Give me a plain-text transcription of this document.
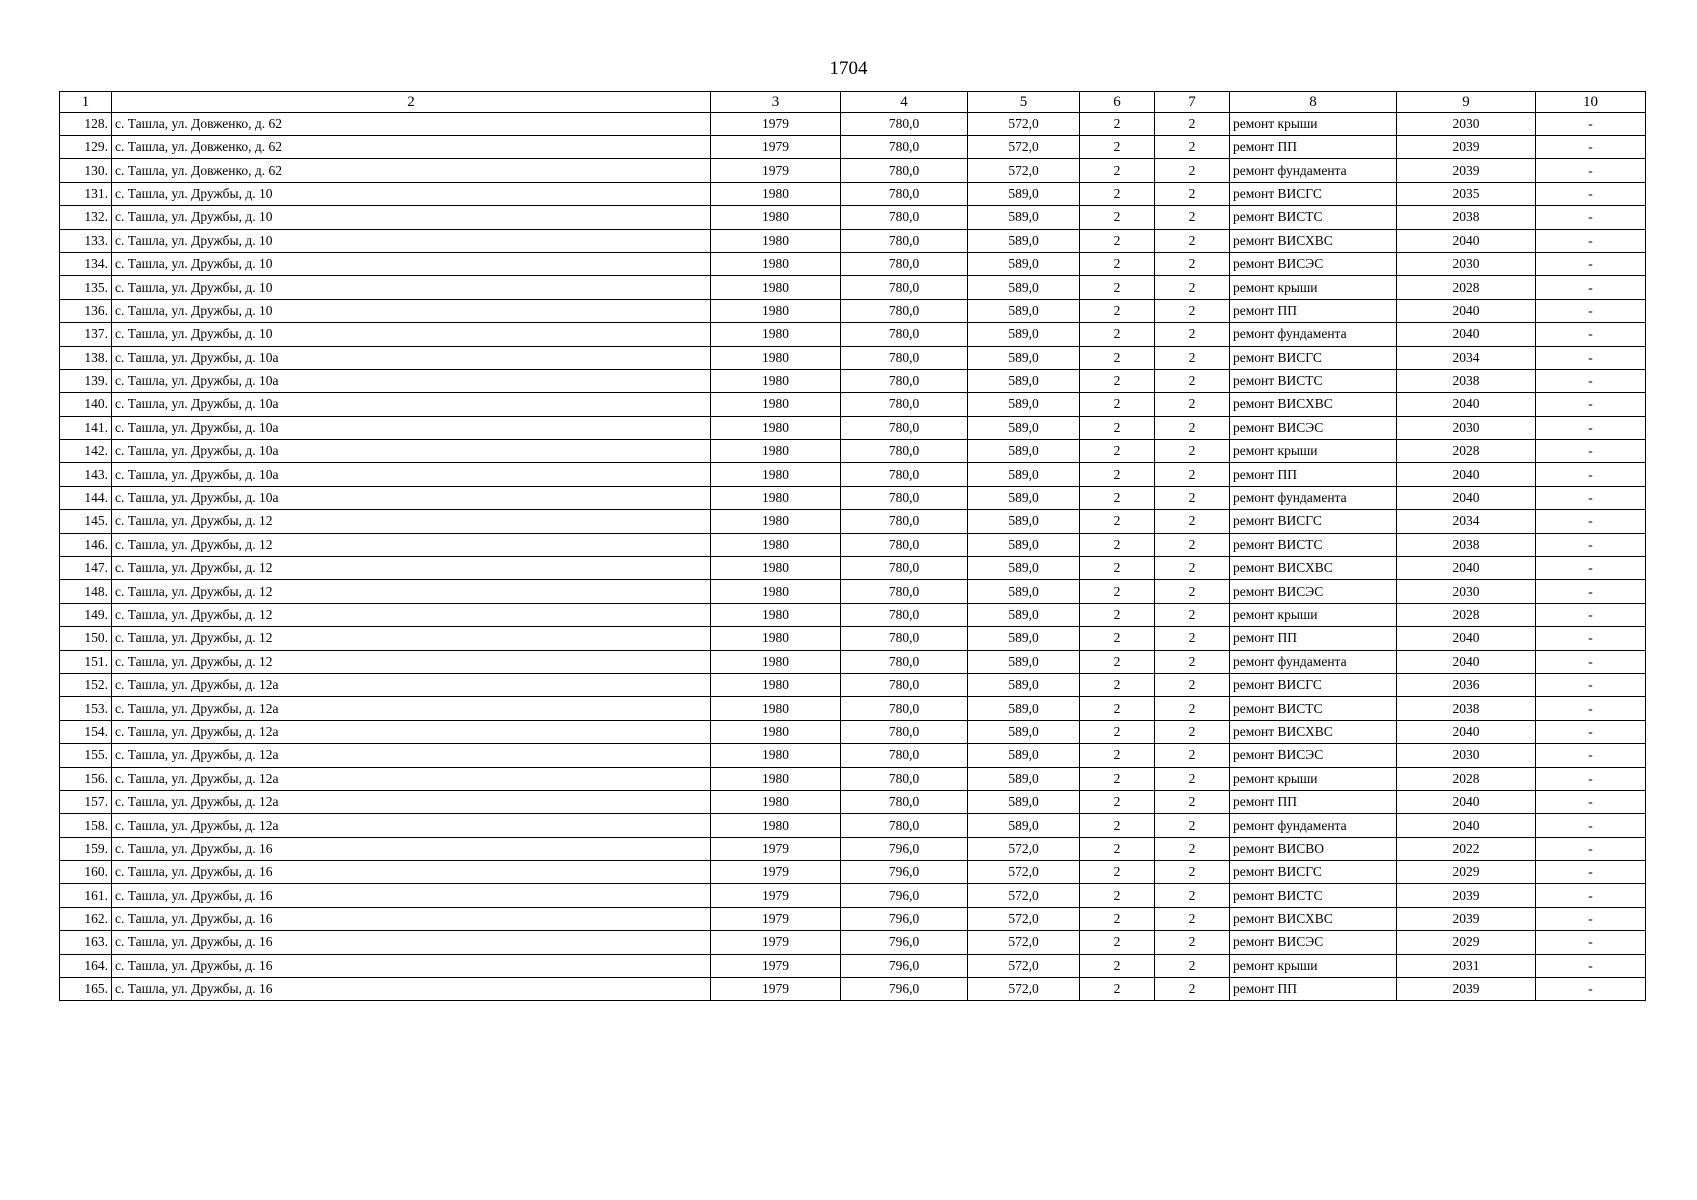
1704
1	2	3	4	5	6	7	8	9	10
128.	с. Ташла, ул. Довженко, д. 62	1979	780,0	572,0	2	2	ремонт крыши	2030	-
129.	с. Ташла, ул. Довженко, д. 62	1979	780,0	572,0	2	2	ремонт ПП	2039	-
130.	с. Ташла, ул. Довженко, д. 62	1979	780,0	572,0	2	2	ремонт фундамента	2039	-
131.	с. Ташла, ул. Дружбы, д. 10	1980	780,0	589,0	2	2	ремонт ВИСГС	2035	-
132.	с. Ташла, ул. Дружбы, д. 10	1980	780,0	589,0	2	2	ремонт ВИСТС	2038	-
133.	с. Ташла, ул. Дружбы, д. 10	1980	780,0	589,0	2	2	ремонт ВИСХВС	2040	-
134.	с. Ташла, ул. Дружбы, д. 10	1980	780,0	589,0	2	2	ремонт ВИСЭС	2030	-
135.	с. Ташла, ул. Дружбы, д. 10	1980	780,0	589,0	2	2	ремонт крыши	2028	-
136.	с. Ташла, ул. Дружбы, д. 10	1980	780,0	589,0	2	2	ремонт ПП	2040	-
137.	с. Ташла, ул. Дружбы, д. 10	1980	780,0	589,0	2	2	ремонт фундамента	2040	-
138.	с. Ташла, ул. Дружбы, д. 10а	1980	780,0	589,0	2	2	ремонт ВИСГС	2034	-
139.	с. Ташла, ул. Дружбы, д. 10а	1980	780,0	589,0	2	2	ремонт ВИСТС	2038	-
140.	с. Ташла, ул. Дружбы, д. 10а	1980	780,0	589,0	2	2	ремонт ВИСХВС	2040	-
141.	с. Ташла, ул. Дружбы, д. 10а	1980	780,0	589,0	2	2	ремонт ВИСЭС	2030	-
142.	с. Ташла, ул. Дружбы, д. 10а	1980	780,0	589,0	2	2	ремонт крыши	2028	-
143.	с. Ташла, ул. Дружбы, д. 10а	1980	780,0	589,0	2	2	ремонт ПП	2040	-
144.	с. Ташла, ул. Дружбы, д. 10а	1980	780,0	589,0	2	2	ремонт фундамента	2040	-
145.	с. Ташла, ул. Дружбы, д. 12	1980	780,0	589,0	2	2	ремонт ВИСГС	2034	-
146.	с. Ташла, ул. Дружбы, д. 12	1980	780,0	589,0	2	2	ремонт ВИСТС	2038	-
147.	с. Ташла, ул. Дружбы, д. 12	1980	780,0	589,0	2	2	ремонт ВИСХВС	2040	-
148.	с. Ташла, ул. Дружбы, д. 12	1980	780,0	589,0	2	2	ремонт ВИСЭС	2030	-
149.	с. Ташла, ул. Дружбы, д. 12	1980	780,0	589,0	2	2	ремонт крыши	2028	-
150.	с. Ташла, ул. Дружбы, д. 12	1980	780,0	589,0	2	2	ремонт ПП	2040	-
151.	с. Ташла, ул. Дружбы, д. 12	1980	780,0	589,0	2	2	ремонт фундамента	2040	-
152.	с. Ташла, ул. Дружбы, д. 12а	1980	780,0	589,0	2	2	ремонт ВИСГС	2036	-
153.	с. Ташла, ул. Дружбы, д. 12а	1980	780,0	589,0	2	2	ремонт ВИСТС	2038	-
154.	с. Ташла, ул. Дружбы, д. 12а	1980	780,0	589,0	2	2	ремонт ВИСХВС	2040	-
155.	с. Ташла, ул. Дружбы, д. 12а	1980	780,0	589,0	2	2	ремонт ВИСЭС	2030	-
156.	с. Ташла, ул. Дружбы, д. 12а	1980	780,0	589,0	2	2	ремонт крыши	2028	-
157.	с. Ташла, ул. Дружбы, д. 12а	1980	780,0	589,0	2	2	ремонт ПП	2040	-
158.	с. Ташла, ул. Дружбы, д. 12а	1980	780,0	589,0	2	2	ремонт фундамента	2040	-
159.	с. Ташла, ул. Дружбы, д. 16	1979	796,0	572,0	2	2	ремонт ВИСВО	2022	-
160.	с. Ташла, ул. Дружбы, д. 16	1979	796,0	572,0	2	2	ремонт ВИСГС	2029	-
161.	с. Ташла, ул. Дружбы, д. 16	1979	796,0	572,0	2	2	ремонт ВИСТС	2039	-
162.	с. Ташла, ул. Дружбы, д. 16	1979	796,0	572,0	2	2	ремонт ВИСХВС	2039	-
163.	с. Ташла, ул. Дружбы, д. 16	1979	796,0	572,0	2	2	ремонт ВИСЭС	2029	-
164.	с. Ташла, ул. Дружбы, д. 16	1979	796,0	572,0	2	2	ремонт крыши	2031	-
165.	с. Ташла, ул. Дружбы, д. 16	1979	796,0	572,0	2	2	ремонт ПП	2039	-
